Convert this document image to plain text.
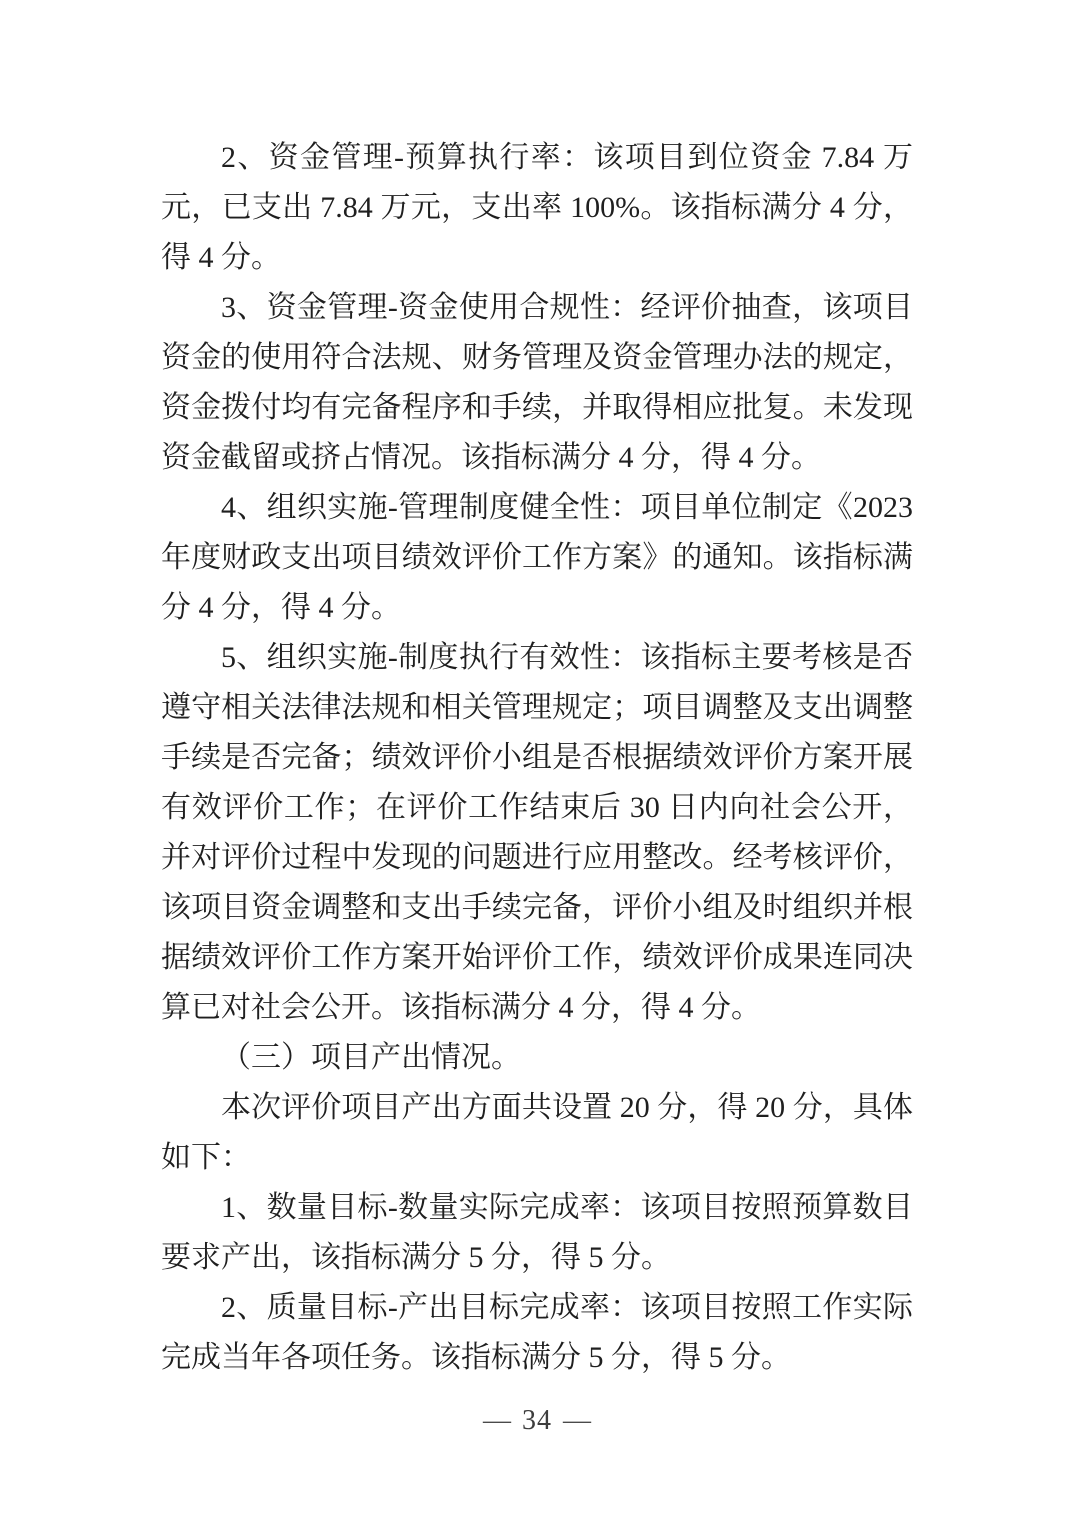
2、资金管理-预算执行率：该项目到位资金 7.84 万元，已支出 7.84 万元，支出率 100%。该指标满分 4 分，得 4 分。

3、资金管理-资金使用合规性：经评价抽查，该项目资金的使用符合法规、财务管理及资金管理办法的规定，资金拨付均有完备程序和手续，并取得相应批复。未发现资金截留或挤占情况。该指标满分 4 分，得 4 分。

4、组织实施-管理制度健全性：项目单位制定《2023 年度财政支出项目绩效评价工作方案》的通知。该指标满分 4 分，得 4 分。

5、组织实施-制度执行有效性：该指标主要考核是否遵守相关法律法规和相关管理规定；项目调整及支出调整手续是否完备；绩效评价小组是否根据绩效评价方案开展有效评价工作；在评价工作结束后 30 日内向社会公开，并对评价过程中发现的问题进行应用整改。经考核评价，该项目资金调整和支出手续完备，评价小组及时组织并根据绩效评价工作方案开始评价工作，绩效评价成果连同决算已对社会公开。该指标满分 4 分，得 4 分。

（三）项目产出情况。

本次评价项目产出方面共设置 20 分，得 20 分，具体如下：

1、数量目标-数量实际完成率：该项目按照预算数目要求产出，该指标满分 5 分，得 5 分。

2、质量目标-产出目标完成率：该项目按照工作实际完成当年各项任务。该指标满分 5 分，得 5 分。

— 34 —
